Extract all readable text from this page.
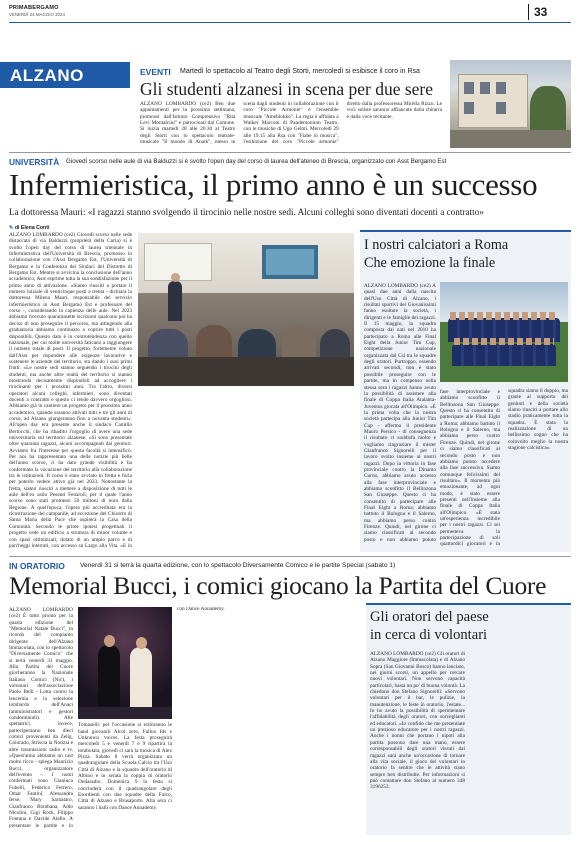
PRIMABERGAMO
VENERDÌ 24 MAGGIO 2024	33
ALZANO	EVENTI Martedì lo spettacolo al Teatro degli Storti, mercoledì si esibisce il coro in Rsa
Gli studenti alzanesi in scena per due sere

ALZANO LOMBARDO (ce2) Ben due appuntamenti per la prossima settimana, promossi dall'Istituto Comprensivo "Rita Levi Montalcini" e patrocinati dal Comune. Si inizia martedì 28 alle 20.30 al Teatro degli Storti con lo spettacolo teatrale-musicale "Il mondo di Anaik", messo in scena dagli studenti in collaborazione con il coro "Piccole Armonie" e l'ensemble musicale "Ameblokko". La regia è affidata a Walker Marconi di Pandemonium Teatro, con le musiche di Ugo Gelmi. Mercoledì 29 alle 19.15 alla Rsa con "Fiabe in musica", l'esibizione del coro "Piccole armonie" diretto dalla professoressa Mirella Rizzo. Le voci soliste saranno affiancate dalla chitarra e dalla voce recitante.

UNIVERSITÀ Giovedì scorso nelle aule di via Balduzzi si è svolto l'open day del corso di laurea dell'ateneo di Brescia, organizzato con Asst Bergamo Est
Infermieristica, il primo anno è un successo
La dottoressa Mauri: «I ragazzi stanno svolgendo il tirocinio nelle nostre sedi. Alcuni colleghi sono diventati docenti a contratto»
✎ di Elena Conti

ALZANO LOMBARDO (ce2) Giovedì scorso nelle sede distaccata di via Balduzzi (propriètà della Curia) si è svolto l'open day del corso di laurea triennale in Infermieristica dell'Università di Brescia, promosso in collaborazione con l'Asst Bergamo Est, l'Università di Bergamo e la Conferenza dei Sindaci del Distretto di Bergamo Est. Mentre si avvicina la conclusione dell'anno accademico, Asst esprime tutta la sua soddisfazione per il primo anno di attivazione. «Siamo riusciti a portare il numero iniziale di venticinque posti a trenta - dichiara la dottoressa Milena Mauri, responsabile del servizio infermieristico in Asst Bergamo Est e professore del corso -, considerando la capienza delle aule. Nel 2023 abbiamo ricevuto quarantasette iscrizioni qualcuno poi ha deciso di non proseguire il percorso, ma attingendo alla graduatoria abbiamo continuato a coprire tutti i posti disponibili. Questo dato è in controtendenza con quello nazionale, per cui molte università faticano a raggiungere il numero totale di posti. Il progetto, fortemente voluto dall'Asst per rispondere alle esigenze lavorative e sostenere le aziende del territorio, sta dando i suoi primi frutti. «Le nostre sedi stanno seguendo i tirocini degli studenti, ma anche altre realtà del territorio si stanno mostrando decisamente disponibili ad accogliere i tirocinanti per i prossimi anni. Tra l'altro, diversi operatori alcuni colleghi, infermieri, sono diventati docenti a contratto e questo ci rende davvero orgogliosi. Abbiamo già in cantiere un progetto per il prossimo anno accademico, quando saranno attivati tutti e tre gli anni di corso, ad Alzano giungeranno fino a novanta studenti». All'open day era presente anche il sindaco Camillo Bertocchi, che ha ribadito l'orgoglio di avere una sede universitaria sul territorio alzanese. «Si sono presentate oltre quaranta ragazzi, alcuni accompagnati dai genitori. Avviamo fra l'interesse per questa facoltà si intensificò. Per noi ha rappresentato una delle notizie più belle dell'anno scorso, ci ha dato grande visibilità e ha confermato la vocazione del territorio alla collaborazione tra le istituzioni. Il corso è stato avviato in fretta e furia per poterlo vedere attivo già nel 2023. Nonostante la fretta, siamo riusciti a mettere a disposizione di tutti le aule dell'ex asilo Pesenti Fenaroli, per il quale l'anno scorso sono stati promessi 50 milioni di euro dalla Regione. A quell'epoca, l'opera più accreditata era la ricostruzione del campanile, ad eccezione del Chiostro di Santa Maria della Pace che ospiterà la Casa della Comunità. Secondo le prime ipotesi progettuali il progetto vede un edificio a struttura di minor volume e con spazi ottimizzati, dotato di un ampio parco e di parcheggi interrati, con accesso su Largo alla Vita. «E in

I nostri calciatori a Roma
Che emozione la finale

ALZANO LOMBARDO (ce2) A quasi due anni dalla nascita dell'Uso Città di Alzano, i risultati sportivi dei Giovanissimi fanno esultare la società, i dirigenti e le famiglie dei ragazzi. Il 15 maggio, la squadra composta dai nati nel 2010 ha partecipato a Roma alle Final Eight della Junior Tim Cup, competizione nazionale organizzata dal Csi tra le squadre degli oratori. Purtroppo, essendo arrivati secondi, non è stato possibile proseguire con le partite, ma in compenso nella stessa sera i ragazzi hanno avuto la possibilità di assistere alla finale di Coppa Italia Atalanta-Juventus giocata all'Olimpico. «È la prima volta che la nostra società partecipa alla Junior Tim Cup - afferma il presidente Mauro Persico - di conseguenza il risultato ci soddisfa molto e vogliamo ringraziare il mister Gianfranco Signorelli per il lavoro svolto insieme ai nostri ragazzi. Dopo la vittoria in fase provinciale contro la Dinamo Curno, abbiamo avuto accesso alla fase interprovinciale e abbiamo sconfitto il Bellinzona San Giuseppe. Questo ci ha consentito di partecipare alle Final Eight a Roma; abbiamo battuto il Bologna e il Salerno, ma abbiamo perso contro Firenze. Quindi, nel girone ci siamo classificati al secondo posto e non abbiamo potuto

fase interprovinciale e abbiamo sconfitto il Bellinzona San Giuseppe. Questo ci ha consentito di partecipare alle Final Eight a Roma; abbiamo battuto il Bologna e il Salerno, ma abbiamo perso contro Firenze. Quindi, nel girone ci siamo classificati al secondo posto e non abbiamo potuto accedere alla fase successiva. Siamo comunque felicissimi del risultato». Il momento più emozionante, ad ogni modo, è stato essere presenti nell'insieme alla finale di Coppa Italia all'Olimpico. «È stata un'esperienza incredibile per i nostri ragazzi. Ci sei permetteva la partecipazione di soli quattordici giocatori e in squadra siamo il doppio, ma grazie al supporto dei genitori e della società siamo riusciti a portare allo stadio praticamente tutta la squadra. È stata la realizzazione di un bellissimo sogno che ha coinvolto meglio la nostra stagione calcistica».

IN ORATORIO Venerdì 31 si terrà la quarta edizione, con lo spettacolo Diversamente Comico e le partite Special (sabato 1)
Memorial Bucci, i comici giocano la Partita del Cuore

ALZANO LOMBARDO (ce2) È tutto pronto per la quarta edizione del "Memorial Natale Bucci", in ricordo del compianto dirigente dell'Alzano Immacolata, con lo spettacolo "Diversamente Comico" che si terrà venerdì 31 maggio. Alla Partita del Cuore giocheranno la Nazionale Italiana Comici (Nic), i volontari dell'associazione Paolo Belli - Lotta contro la leucemia e la selezione lombarda dell'Anaci (amministratori e gestori condominiali). Alle spettatrici, invece, parteciperanno ben dieci comici provenienti da Zelig, Colorado, Striscia la Notizia e altre trasmissioni radio e tv. «Quest'anno abbiamo un cast molto ricco - spiega Maurizio Bucci, organizzatore dell'evento -. I nomi confermati sono Gianluca Fubelli, Federica Ferrero, Omar Fantini, Alessandra Ierse, Mary Sarnataro, Gianfranco Bombana, Aldo Nicolini, Gigi Rock, Filippo Fontana e Davide Aiello. A presentare le partite e lo

Tomaselli: per l'occasione si esibiranno le band giovanili Alcol zero, Falluo Ids e Unknown voices. La festa proseguirà mercoledì 5 e venerdì 7 e 9 ripartirà la tombolata, giovedì ci sarà la musica di Alex Pizza. Sabato 8 verrà organizzata un quadrangolare della Scuola Calcio tra l'Uso Città di Alzano e la squadra dell'oratorio di Albino e in serata la coppia di oratorio Ondaradio. Domenica 9 la festa si concluderà con il quadrangolare degli Esordienti con due squadre della Fulco, Città di Alzano e Brusaporto. Alla sera ci saranno i balli con Dance Annademy.

con Dance Annademy.	Gli oratori del paese
in cerca di volontari

ALZANO LOMBARDO (ce2) Gli oratori di Alzano Maggiore (Immacolata) e di Alzano Sopra (San Giovanni Bosco) hanno lanciato, nei giorni scorsi, un appello per cercare nuovi volontari. Non servono capacità particolari, basta un po' di buona volontà. La chiedono don Stefano Signorelli: «Servono volontari per il bar, le pulizie, la manutenzione, le feste in oratorio, l'estate... Io ho avuto la possibilità di sperimentare l'affidabilità degli oratori, con sorveglianti ed educatori. «Io confido che me presentiate un prezioso educatore per i nostri ragazzi. Anche i nonni che portano i nipoti alla partita possono dare una mano, essere corresponsabili degli oratori vissuti dai ragazzi sarà anche un'occasione di tornare alla vita sociale, il gioco dei volontari in oratorio fa sentire che le attività siano sempre ben distribuite. Per informazioni si può contattare don Stefano al numero 348 3196253.
